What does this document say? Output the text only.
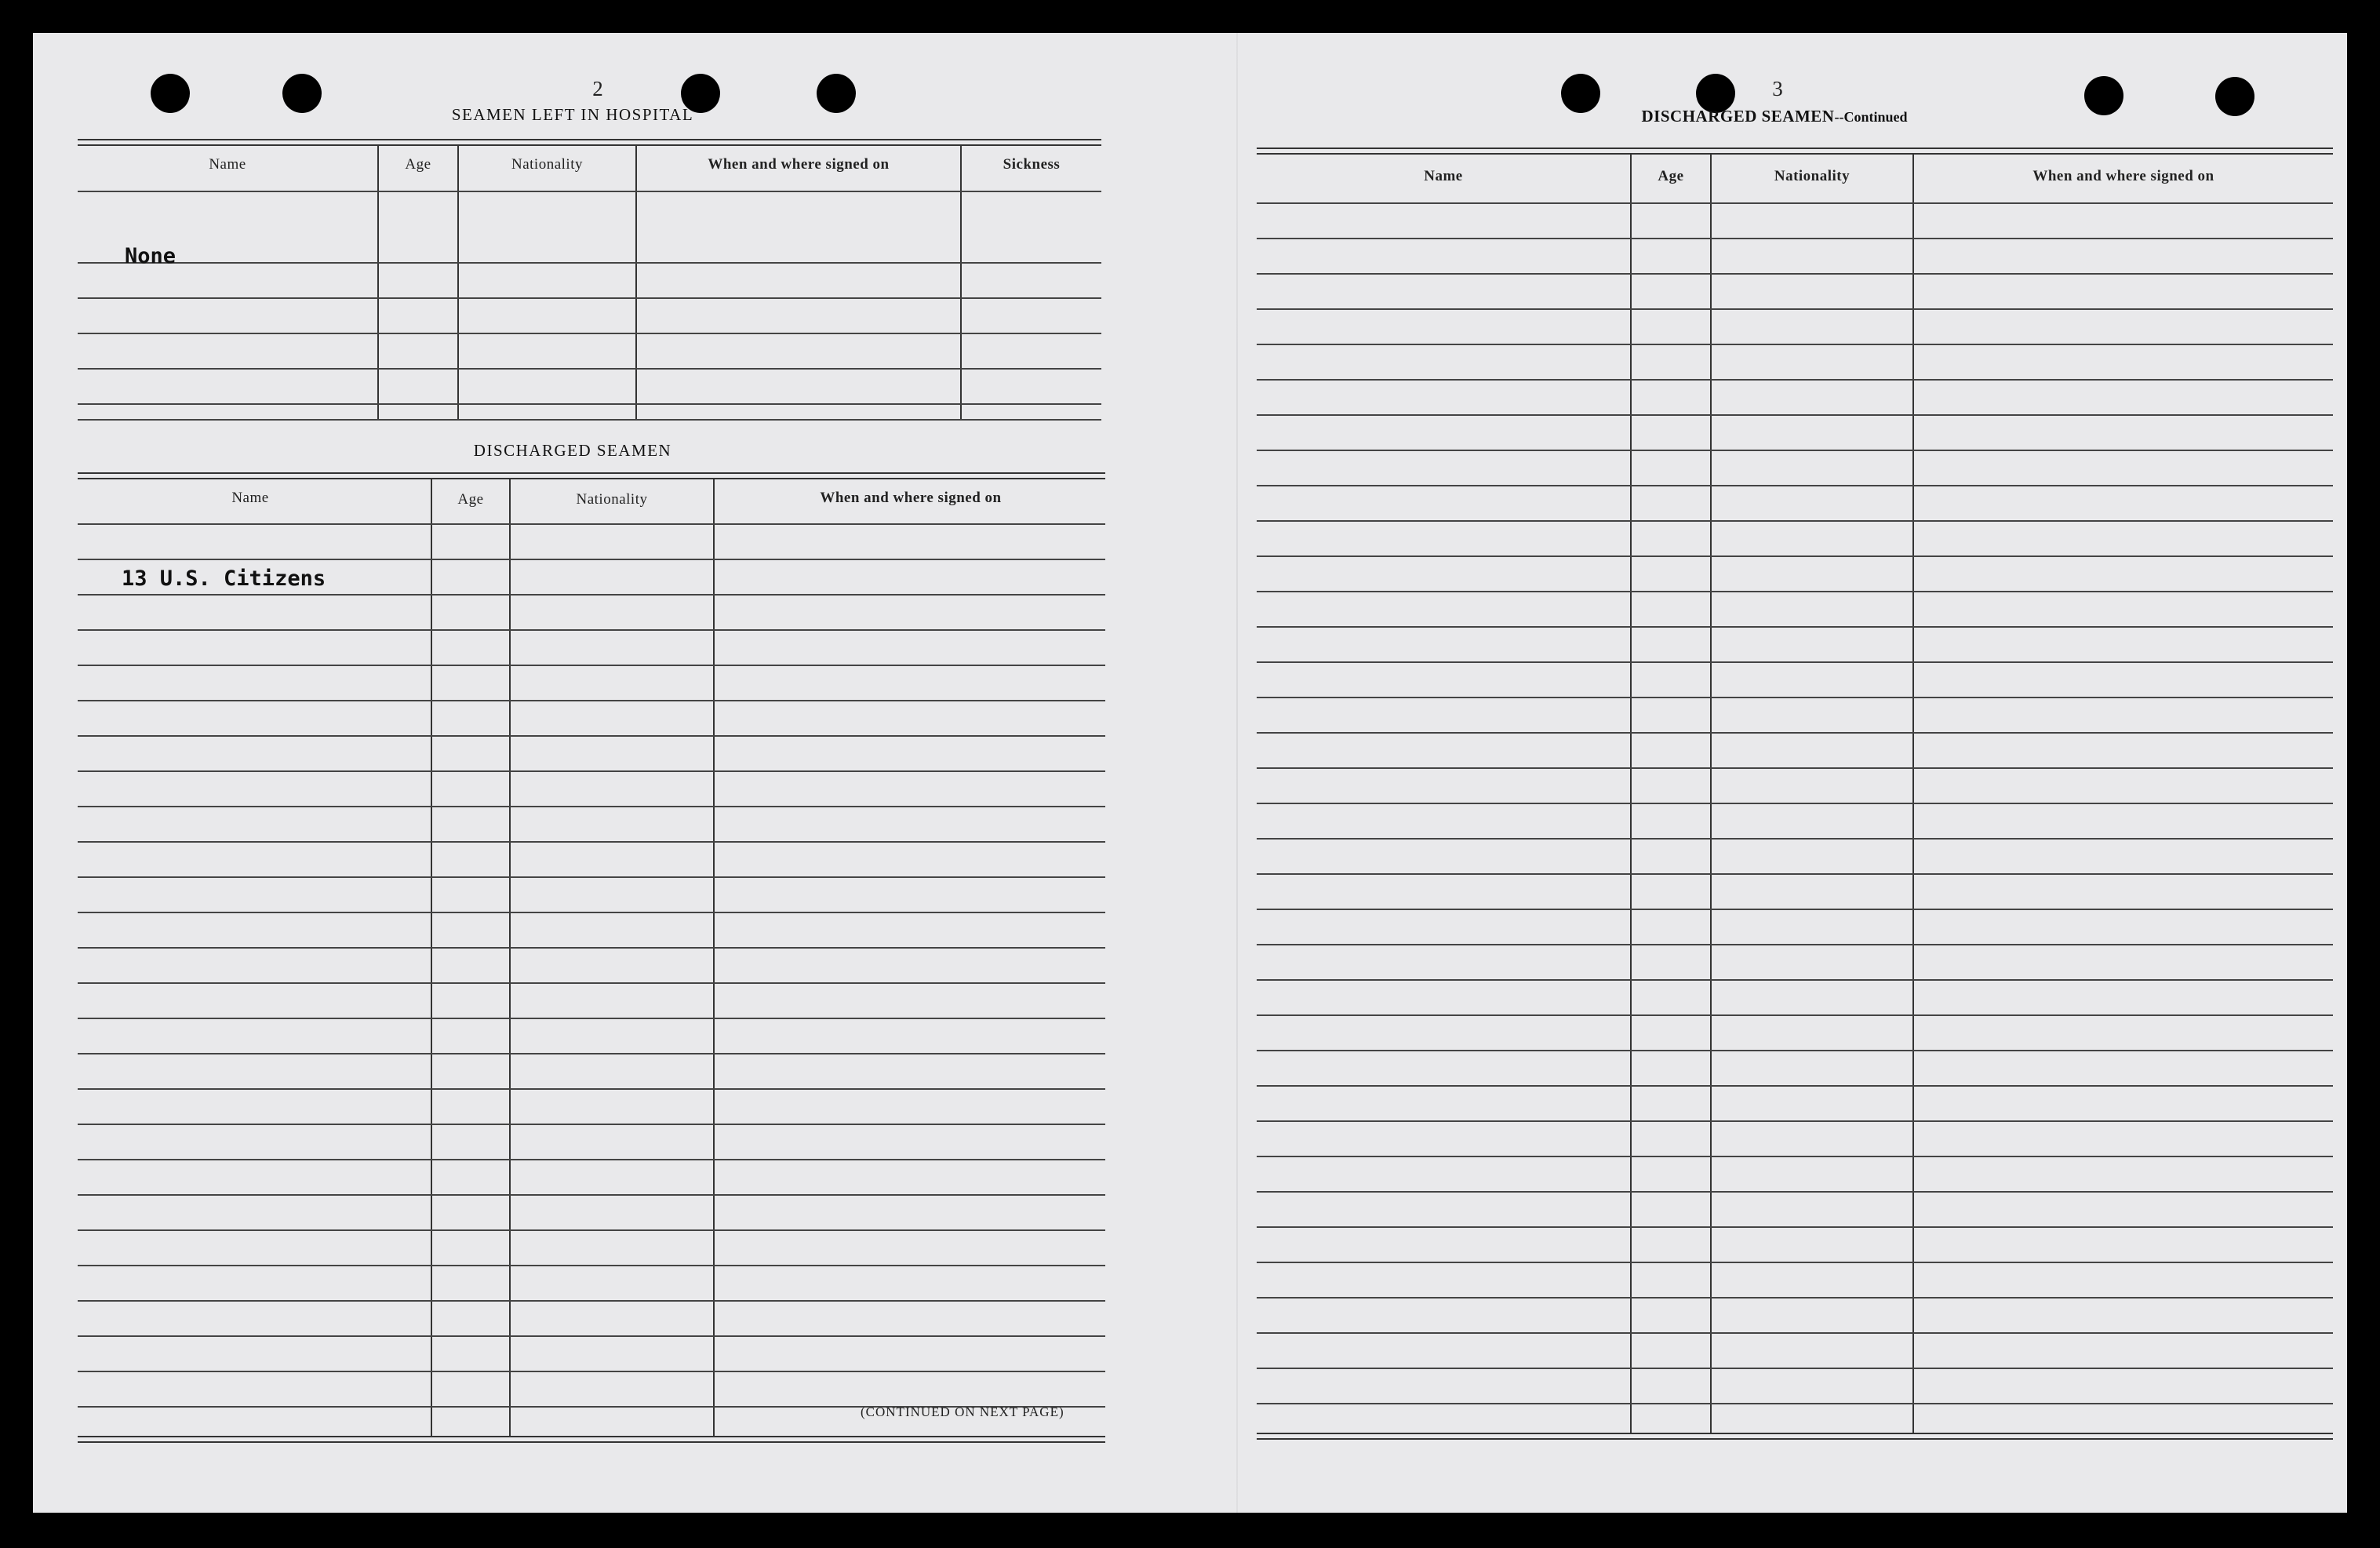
2
SEAMEN LEFT IN HOSPITAL
Name	Age	Nationality	When and where signed on	Sickness
None
DISCHARGED SEAMEN
Name	Age	Nationality	When and where signed on
13 U.S. Citizens
(CONTINUED ON NEXT PAGE)
3
DISCHARGED SEAMEN--Continued
Name	Age	Nationality	When and where signed on
